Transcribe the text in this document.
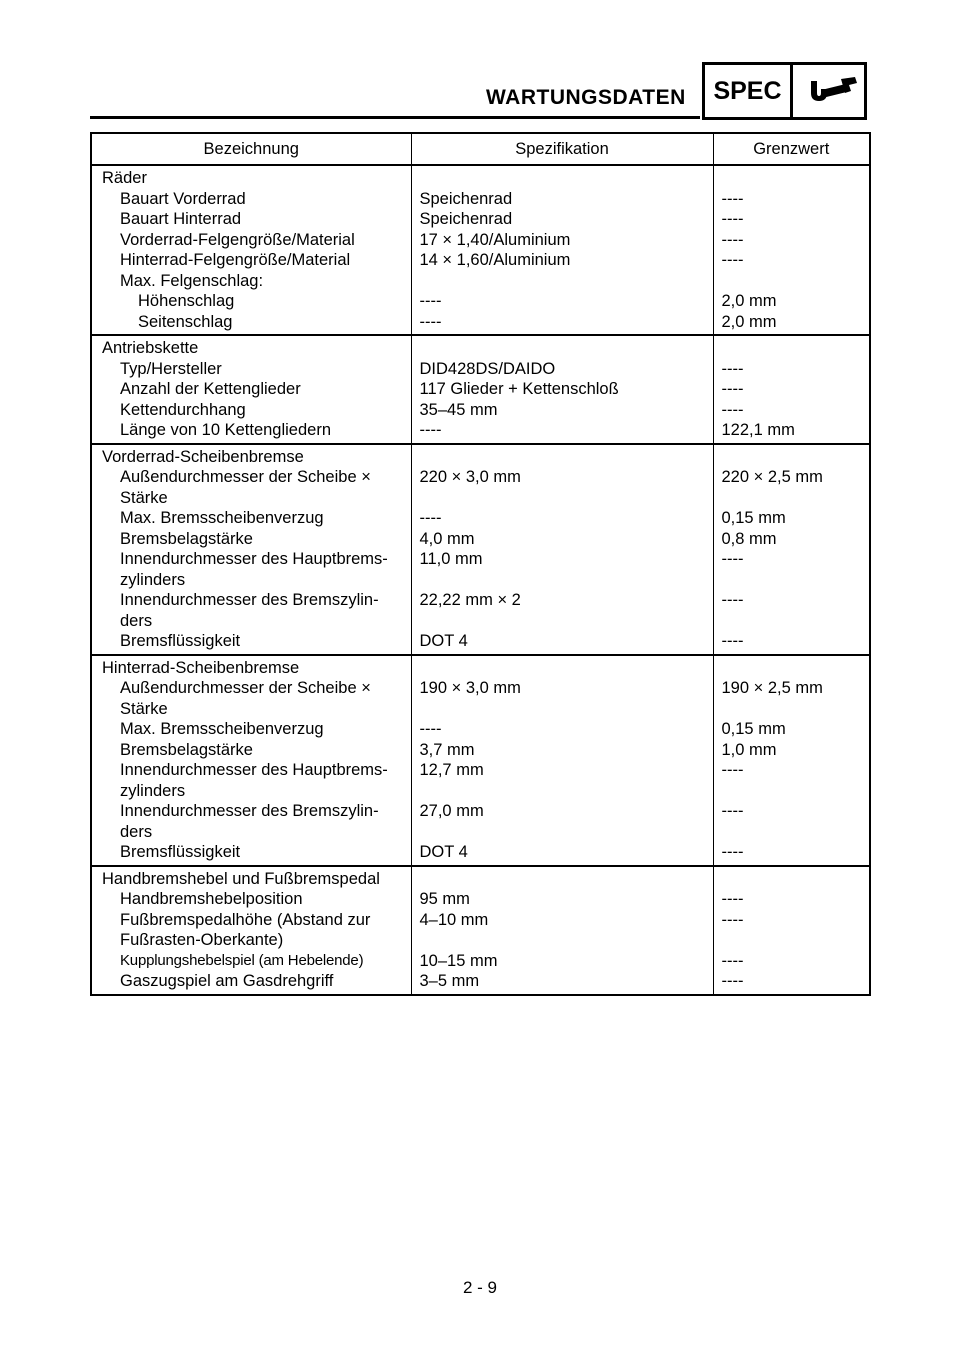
WARTUNGSDATEN	SPEC
Bezeichnung	Spezifikation	Grenzwert
Räder		
Bauart Vorderrad	Speichenrad	----
Bauart Hinterrad	Speichenrad	----
Vorderrad-Felgengröße/Material	17 × 1,40/Aluminium	----
Hinterrad-Felgengröße/Material	14 × 1,60/Aluminium	----
Max. Felgenschlag:		
Höhenschlag	----	2,0 mm
Seitenschlag	----	2,0 mm
Antriebskette		
Typ/Hersteller	DID428DS/DAIDO	----
Anzahl der Kettenglieder	117 Glieder + Kettenschloß	----
Kettendurchhang	35–45 mm	----
Länge von 10 Kettengliedern	----	122,1 mm
Vorderrad-Scheibenbremse		
Außendurchmesser der Scheibe × Stärke	220 × 3,0 mm	220 × 2,5 mm
Max. Bremsscheibenverzug	----	0,15 mm
Bremsbelagstärke	4,0 mm	0,8 mm
Innendurchmesser des Hauptbrems-zylinders	11,0 mm	----
Innendurchmesser des Bremszylin-ders	22,22 mm × 2	----
Bremsflüssigkeit	DOT 4	----
Hinterrad-Scheibenbremse		
Außendurchmesser der Scheibe × Stärke	190 × 3,0 mm	190 × 2,5 mm
Max. Bremsscheibenverzug	----	0,15 mm
Bremsbelagstärke	3,7 mm	1,0 mm
Innendurchmesser des Hauptbrems-zylinders	12,7 mm	----
Innendurchmesser des Bremszylin-ders	27,0 mm	----
Bremsflüssigkeit	DOT 4	----
Handbremshebel und Fußbremspedal		
Handbremshebelposition	95 mm	----
Fußbremspedalhöhe (Abstand zur Fußrasten-Oberkante)	4–10 mm	----
Kupplungshebelspiel (am Hebelende)	10–15 mm	----
Gaszugspiel am Gasdrehgriff	3–5 mm	----
2 - 9
